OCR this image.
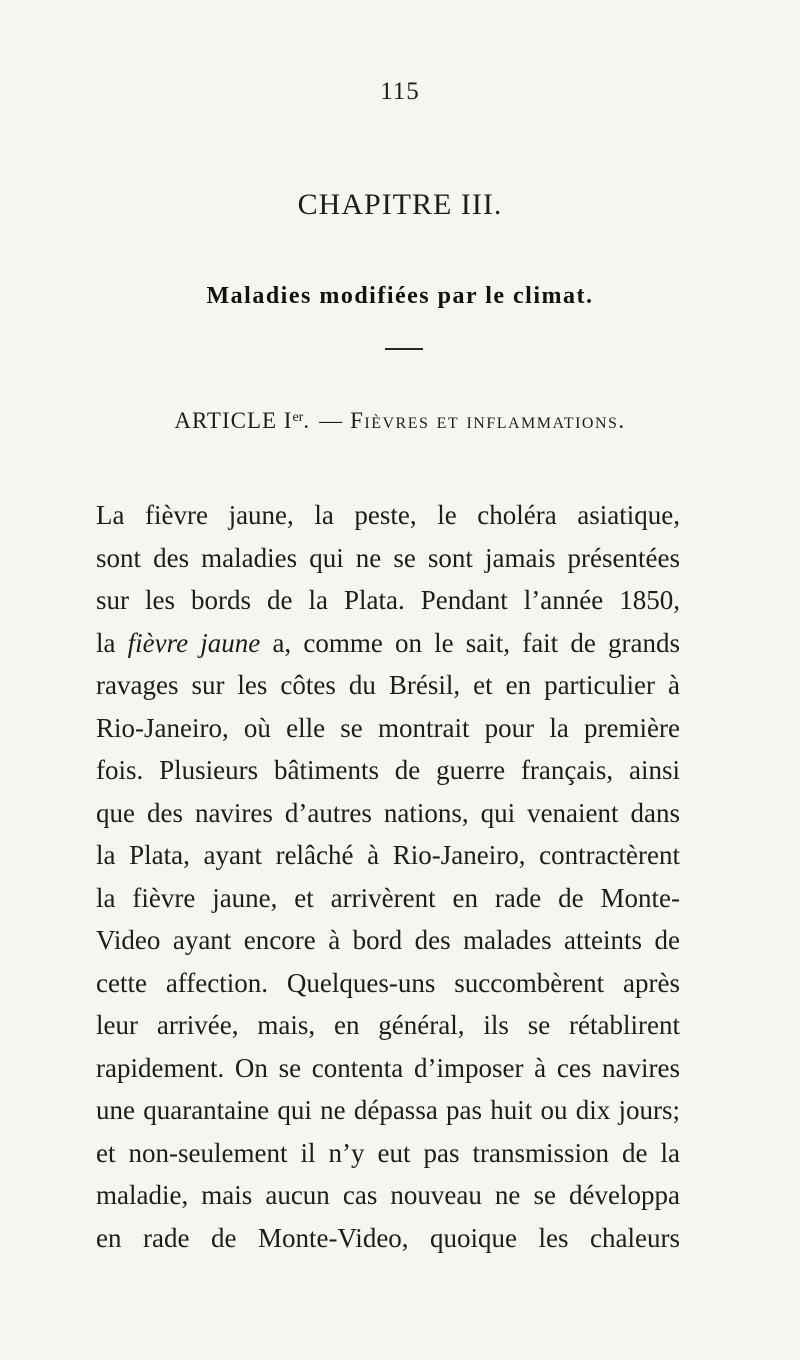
115
CHAPITRE III.
Maladies modifiées par le climat.
ARTICLE Ier. — Fièvres et inflammations.
La fièvre jaune, la peste, le choléra asiatique,
sont des maladies qui ne se sont jamais présentées
sur les bords de la Plata. Pendant l’année 1850,
la fièvre jaune a, comme on le sait, fait de grands
ravages sur les côtes du Brésil, et en particulier à
Rio-Janeiro, où elle se montrait pour la première
fois. Plusieurs bâtiments de guerre français, ainsi
que des navires d’autres nations, qui venaient dans
la Plata, ayant relâché à Rio-Janeiro, contractèrent
la fièvre jaune, et arrivèrent en rade de Monte-
Video ayant encore à bord des malades atteints de
cette affection. Quelques-uns succombèrent après
leur arrivée, mais, en général, ils se rétablirent
rapidement. On se contenta d’imposer à ces navires
une quarantaine qui ne dépassa pas huit ou dix jours;
et non-seulement il n’y eut pas transmission de la
maladie, mais aucun cas nouveau ne se développa
en rade de Monte-Video, quoique les chaleurs
